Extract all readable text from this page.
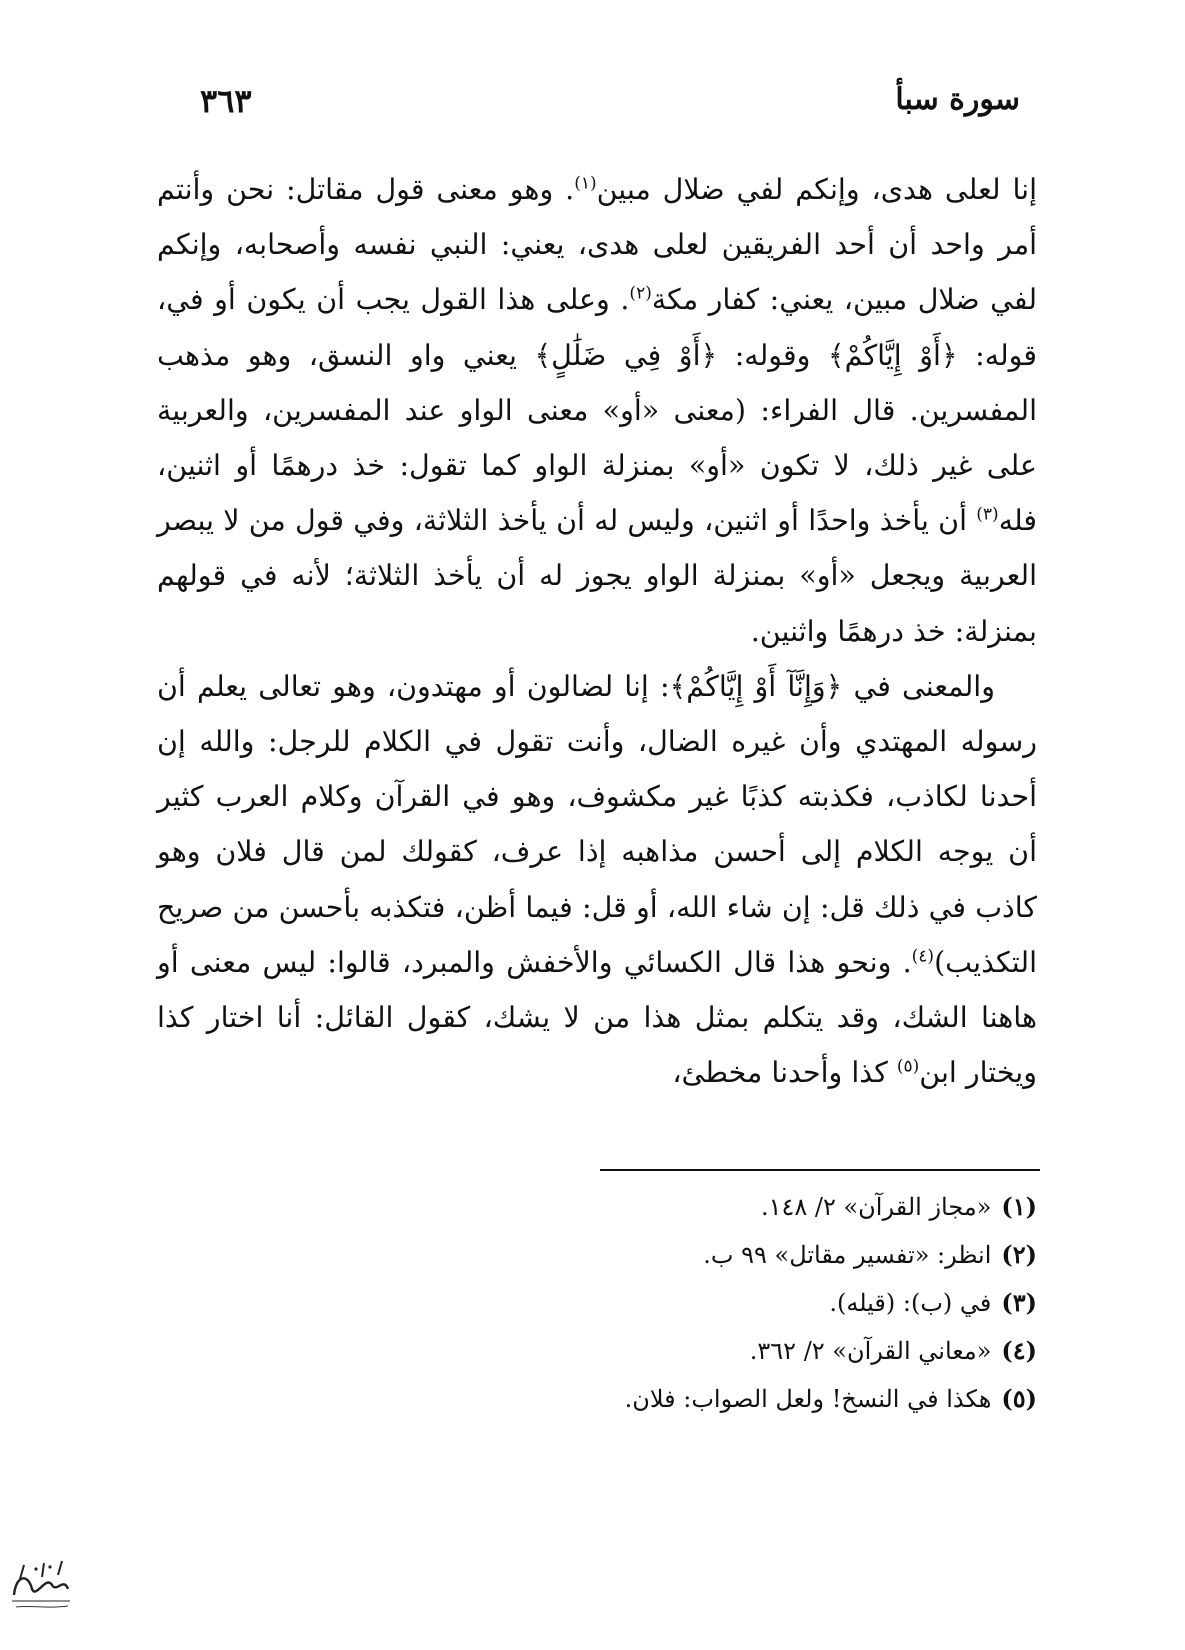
سورة سبأ
٣٦٣

إنا لعلى هدى، وإنكم لفي ضلال مبين$^{(١)}$. وهو معنى قول مقاتل: نحن وأنتم أمر واحد أن أحد الفريقين لعلى هدى، يعني: النبي نفسه وأصحابه، وإنكم لفي ضلال مبين، يعني: كفار مكة$^{(٢)}$. وعلى هذا القول يجب أن يكون أو في، قوله: ﴿أَوْ إِيَّاكُمْ﴾ وقوله: ﴿أَوْ فِي ضَلَٰلٍ﴾ يعني واو النسق، وهو مذهب المفسرين. قال الفراء: (معنى «أو» معنى الواو عند المفسرين، والعربية على غير ذلك، لا تكون «أو» بمنزلة الواو كما تقول: خذ درهمًا أو اثنين، فله$^{(٣)}$ أن يأخذ واحدًا أو اثنين، وليس له أن يأخذ الثلاثة، وفي قول من لا يبصر العربية ويجعل «أو» بمنزلة الواو يجوز له أن يأخذ الثلاثة؛ لأنه في قولهم بمنزلة: خذ درهمًا واثنين.

والمعنى في ﴿وَإِنَّآ أَوْ إِيَّاكُمْ﴾: إنا لضالون أو مهتدون، وهو تعالى يعلم أن رسوله المهتدي وأن غيره الضال، وأنت تقول في الكلام للرجل: والله إن أحدنا لكاذب، فكذبته كذبًا غير مكشوف، وهو في القرآن وكلام العرب كثير أن يوجه الكلام إلى أحسن مذاهبه إذا عرف، كقولك لمن قال فلان وهو كاذب في ذلك قل: إن شاء الله، أو قل: فيما أظن، فتكذبه بأحسن من صريح التكذيب)$^{(٤)}$. ونحو هذا قال الكسائي والأخفش والمبرد، قالوا: ليس معنى أو هاهنا الشك، وقد يتكلم بمثل هذا من لا يشك، كقول القائل: أنا اختار كذا ويختار ابن$^{(٥)}$ كذا وأحدنا مخطئ،

(١)«مجاز القرآن» ٢/ ١٤٨.
(٢)انظر: «تفسير مقاتل» ٩٩ ب.
(٣)في (ب): (قيله).
(٤)«معاني القرآن» ٢/ ٣٦٢.
(٥)هكذا في النسخ! ولعل الصواب: فلان.
